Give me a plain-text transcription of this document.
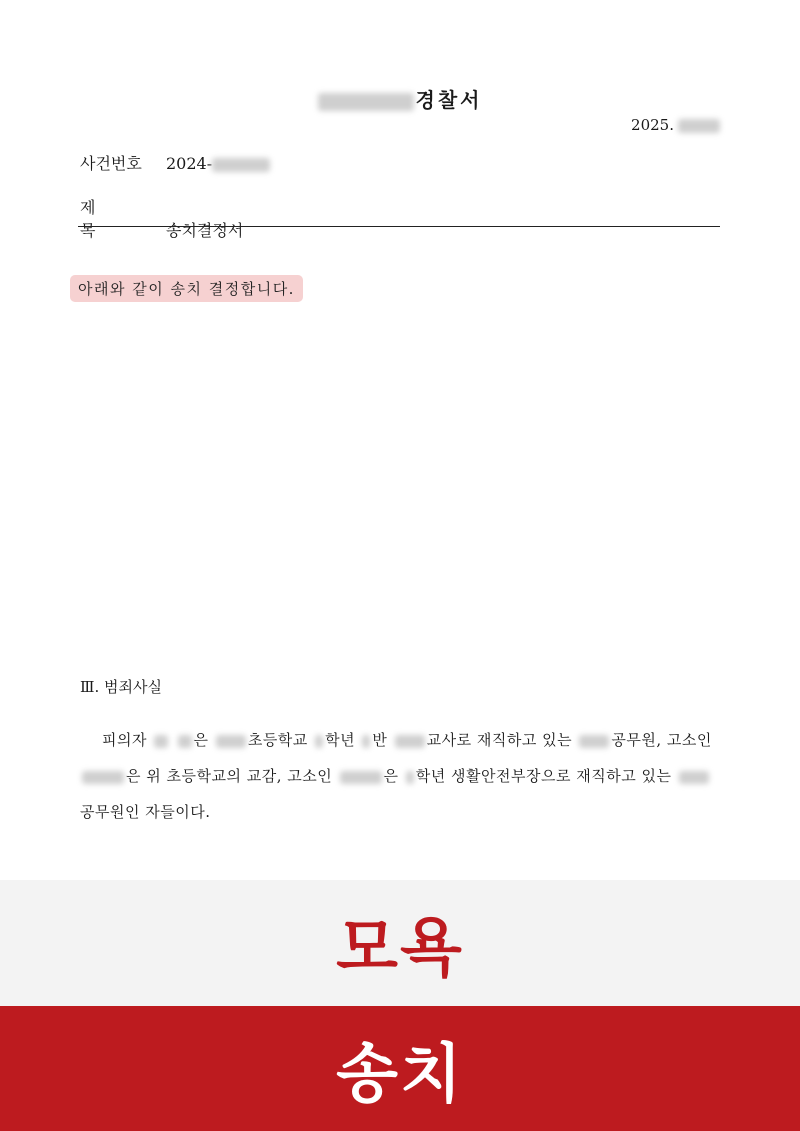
경찰서
2025.
사건번호 2024-
제목	송치결정서
아래와 같이 송치 결정합니다.
Ⅲ. 범죄사실
피의자	은	초등학교 학년 반	교사로 재직하고 있는	공무원, 고소인 은 위 초등학교의 교감, 고소인	은 학년 생활안전부장으로 재직하고 있는 공무원인 자들이다.
모욕
송치
